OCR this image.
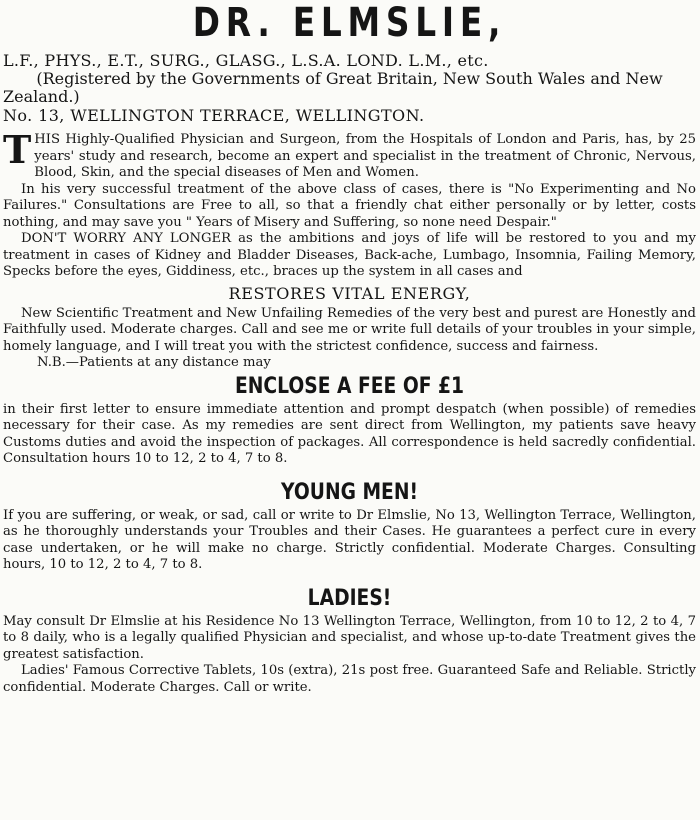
DR. ELMSLIE,
L.F., PHYS., E.T., SURG., GLASG., L.S.A. LOND. L.M., etc.
(Registered by the Governments of Great Britain, New South Wales and New Zealand.)
No. 13, WELLINGTON TERRACE, WELLINGTON.

THIS Highly-Qualified Physician and Surgeon, from the Hospitals of London and Paris, has, by 25 years' study and research, become an expert and specialist in the treatment of Chronic, Nervous, Blood, Skin, and the special diseases of Men and Women.

In his very successful treatment of the above class of cases, there is "No Experimenting and No Failures." Consultations are Free to all, so that a friendly chat either personally or by letter, costs nothing, and may save you " Years of Misery and Suffering, so none need Despair."

DON'T WORRY ANY LONGER as the ambitions and joys of life will be restored to you and my treatment in cases of Kidney and Bladder Diseases, Back-ache, Lumbago, Insomnia, Failing Memory, Specks before the eyes, Giddiness, etc., braces up the system in all cases and

RESTORES VITAL ENERGY,

New Scientific Treatment and New Unfailing Remedies of the very best and purest are Honestly and Faithfully used. Moderate charges. Call and see me or write full details of your troubles in your simple, homely language, and I will treat you with the strictest confidence, success and fairness.

N.B.—Patients at any distance may

ENCLOSE A FEE OF £1

in their first letter to ensure immediate attention and prompt despatch (when possible) of remedies necessary for their case. As my remedies are sent direct from Wellington, my patients save heavy Customs duties and avoid the inspection of packages. All correspondence is held sacredly confidential. Consultation hours 10 to 12, 2 to 4, 7 to 8.

YOUNG MEN!

If you are suffering, or weak, or sad, call or write to Dr Elmslie, No 13, Wellington Terrace, Wellington, as he thoroughly understands your Troubles and their Cases. He guarantees a perfect cure in every case undertaken, or he will make no charge. Strictly confidential. Moderate Charges. Consulting hours, 10 to 12, 2 to 4, 7 to 8.

LADIES!

May consult Dr Elmslie at his Residence No 13 Wellington Terrace, Wellington, from 10 to 12, 2 to 4, 7 to 8 daily, who is a legally qualified Physician and specialist, and whose up-to-date Treatment gives the greatest satisfaction.

Ladies' Famous Corrective Tablets, 10s (extra), 21s post free. Guaranteed Safe and Reliable. Strictly confidential. Moderate Charges. Call or write.
